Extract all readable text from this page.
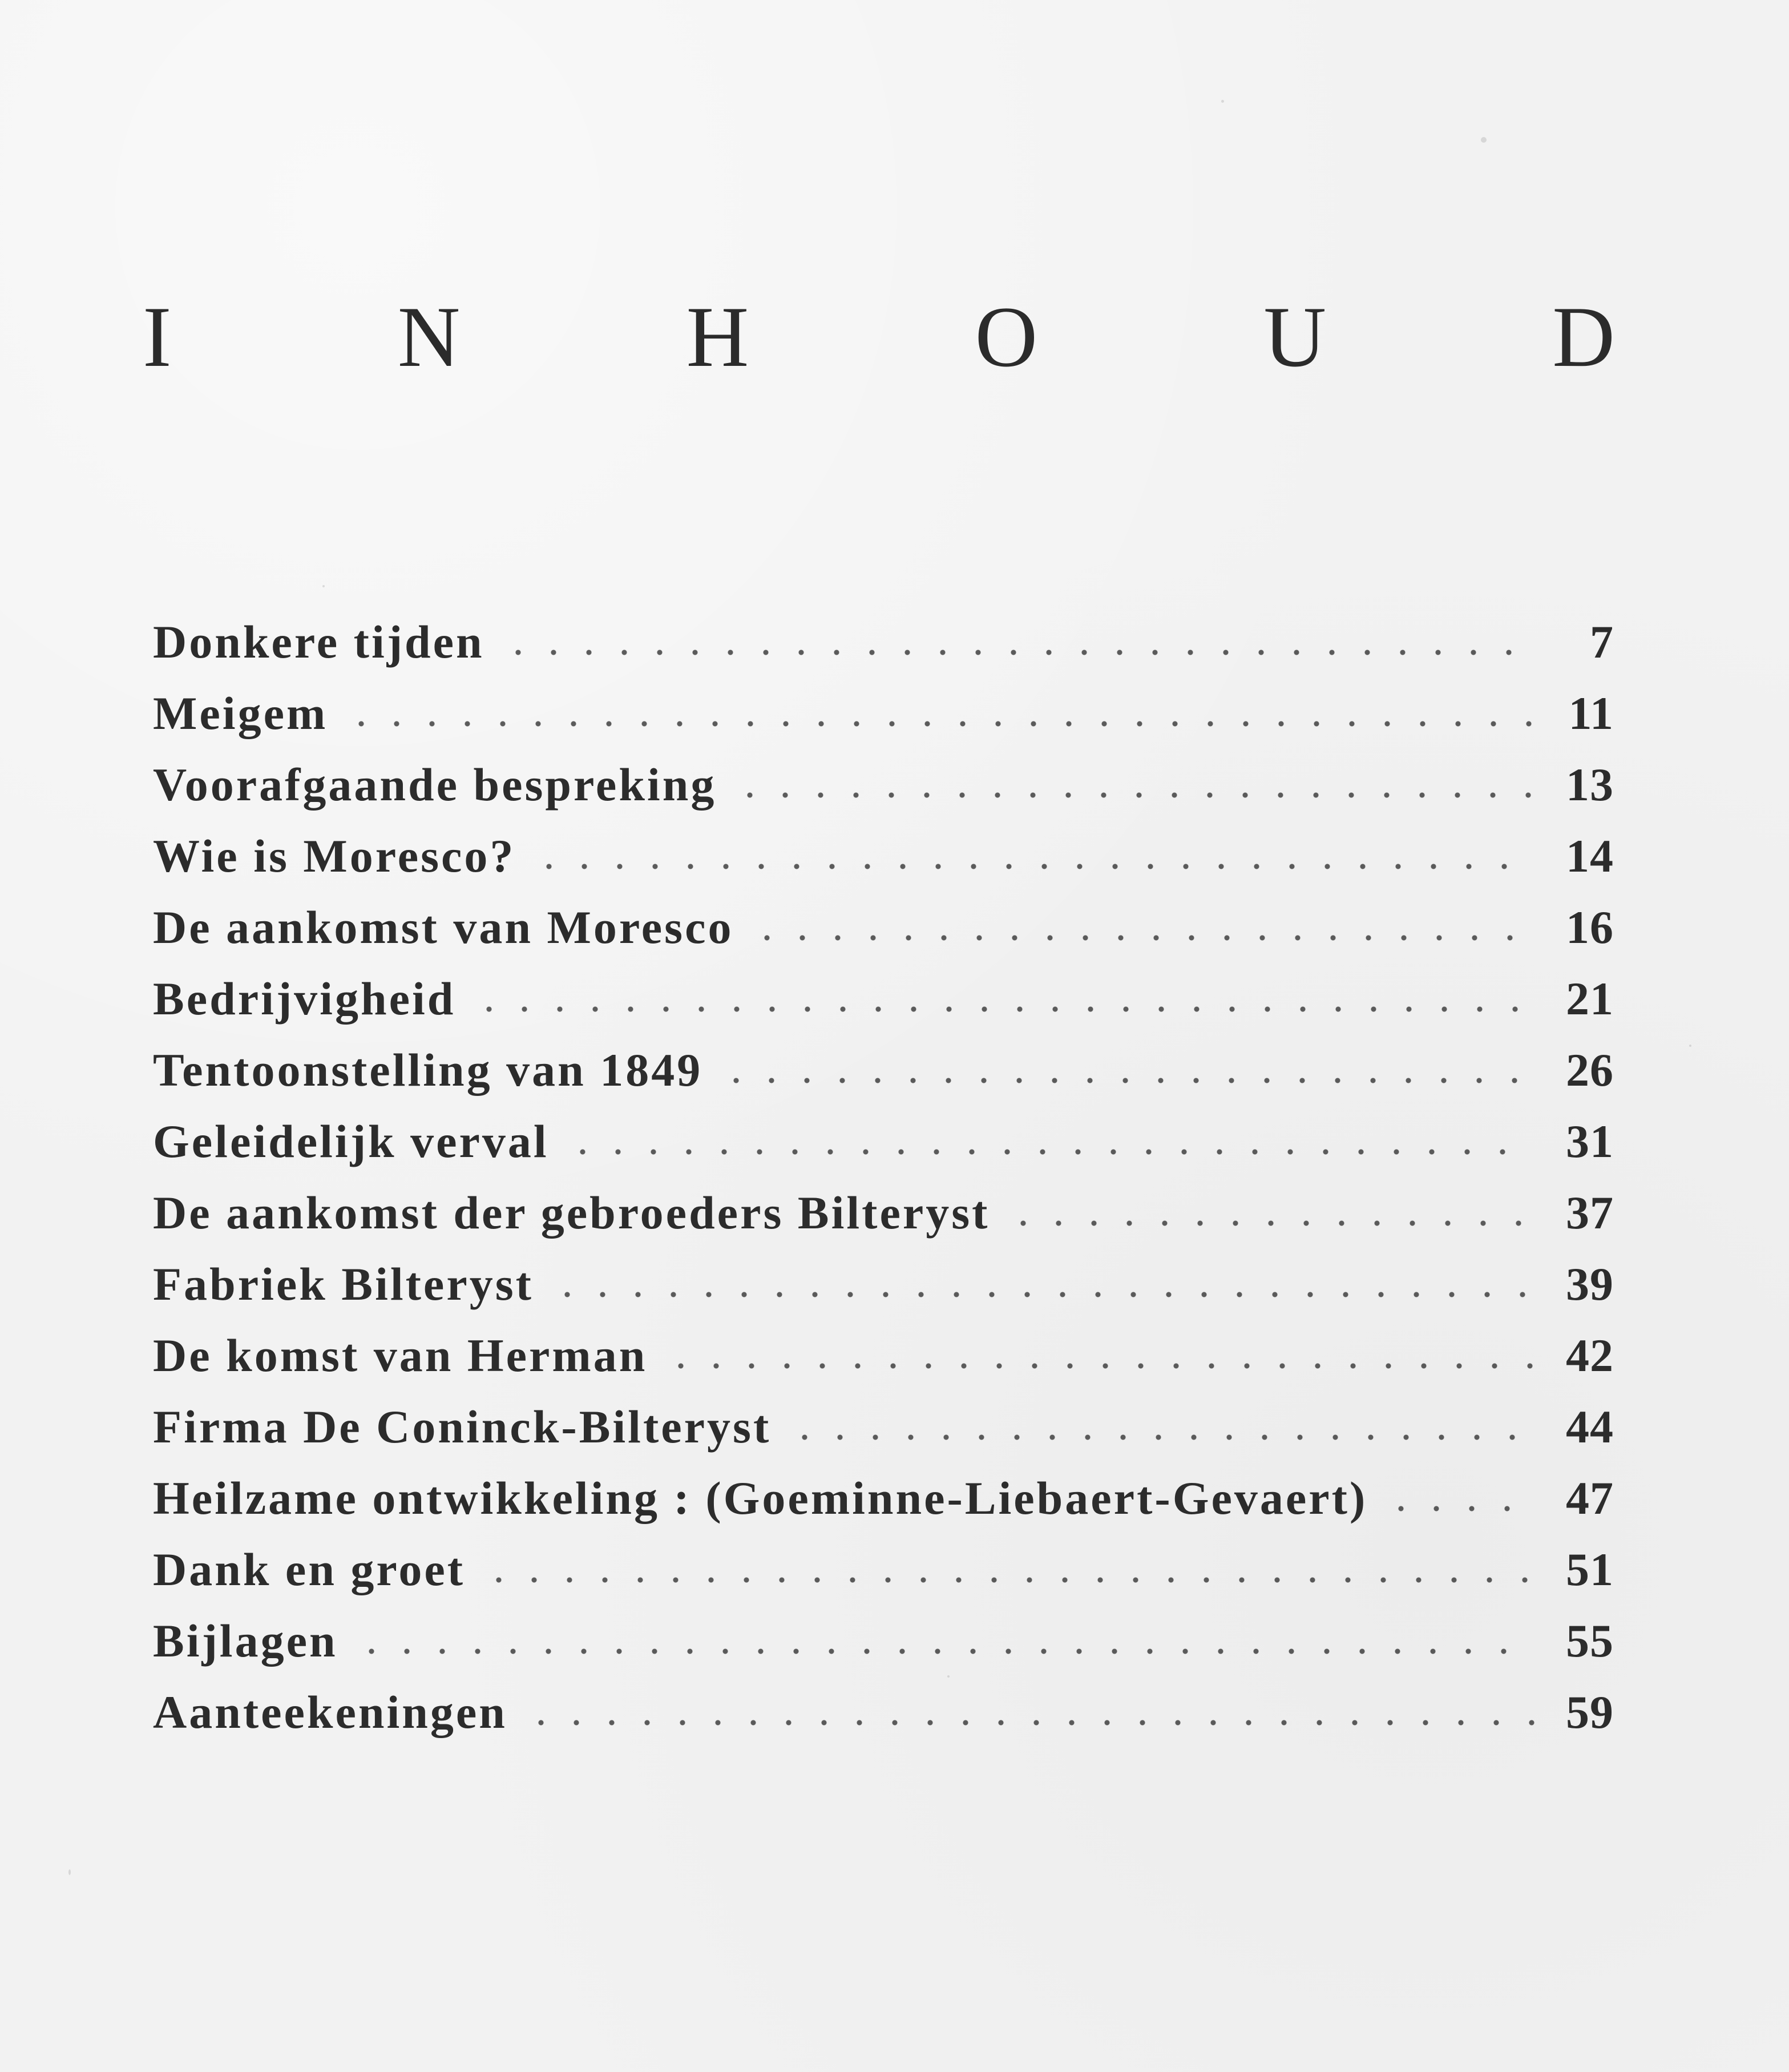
I	N	H	O	U	D
Donkere tijden	7
Meigem	11
Voorafgaande bespreking	13
Wie is Moresco?	14
De aankomst van Moresco	16
Bedrijvigheid	21
Tentoonstelling van 1849	26
Geleidelijk verval	31
De aankomst der gebroeders Bilteryst	37
Fabriek Bilteryst	39
De komst van Herman	42
Firma De Coninck-Bilteryst	44
Heilzame ontwikkeling : (Goeminne-Liebaert-Gevaert)	47
Dank en groet	51
Bijlagen	55
Aanteekeningen	59
